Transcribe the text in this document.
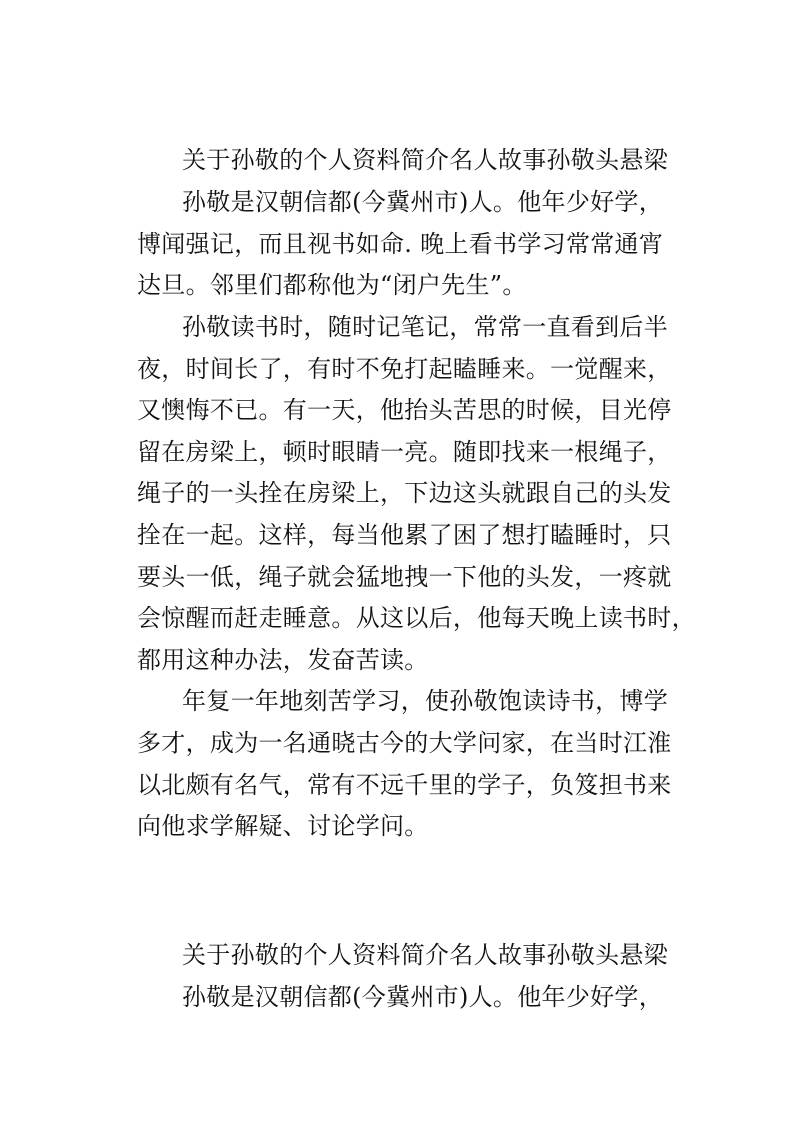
关于孙敬的个人资料简介名人故事孙敬头悬梁
孙敬是汉朝信都(今冀州市)人。他年少好学，
博闻强记，而且视书如命. 晚上看书学习常常通宵
达旦。邻里们都称他为“闭户先生”。
孙敬读书时，随时记笔记，常常一直看到后半
夜，时间长了，有时不免打起瞌睡来。一觉醒来，
又懊悔不已。有一天，他抬头苦思的时候，目光停
留在房梁上，顿时眼睛一亮。随即找来一根绳子，
绳子的一头拴在房梁上，下边这头就跟自己的头发
拴在一起。这样，每当他累了困了想打瞌睡时，只
要头一低，绳子就会猛地拽一下他的头发，一疼就
会惊醒而赶走睡意。从这以后，他每天晚上读书时，
都用这种办法，发奋苦读。
年复一年地刻苦学习，使孙敬饱读诗书，博学
多才，成为一名通晓古今的大学问家，在当时江淮
以北颇有名气，常有不远千里的学子，负笈担书来
向他求学解疑、讨论学问。
关于孙敬的个人资料简介名人故事孙敬头悬梁
孙敬是汉朝信都(今冀州市)人。他年少好学，
